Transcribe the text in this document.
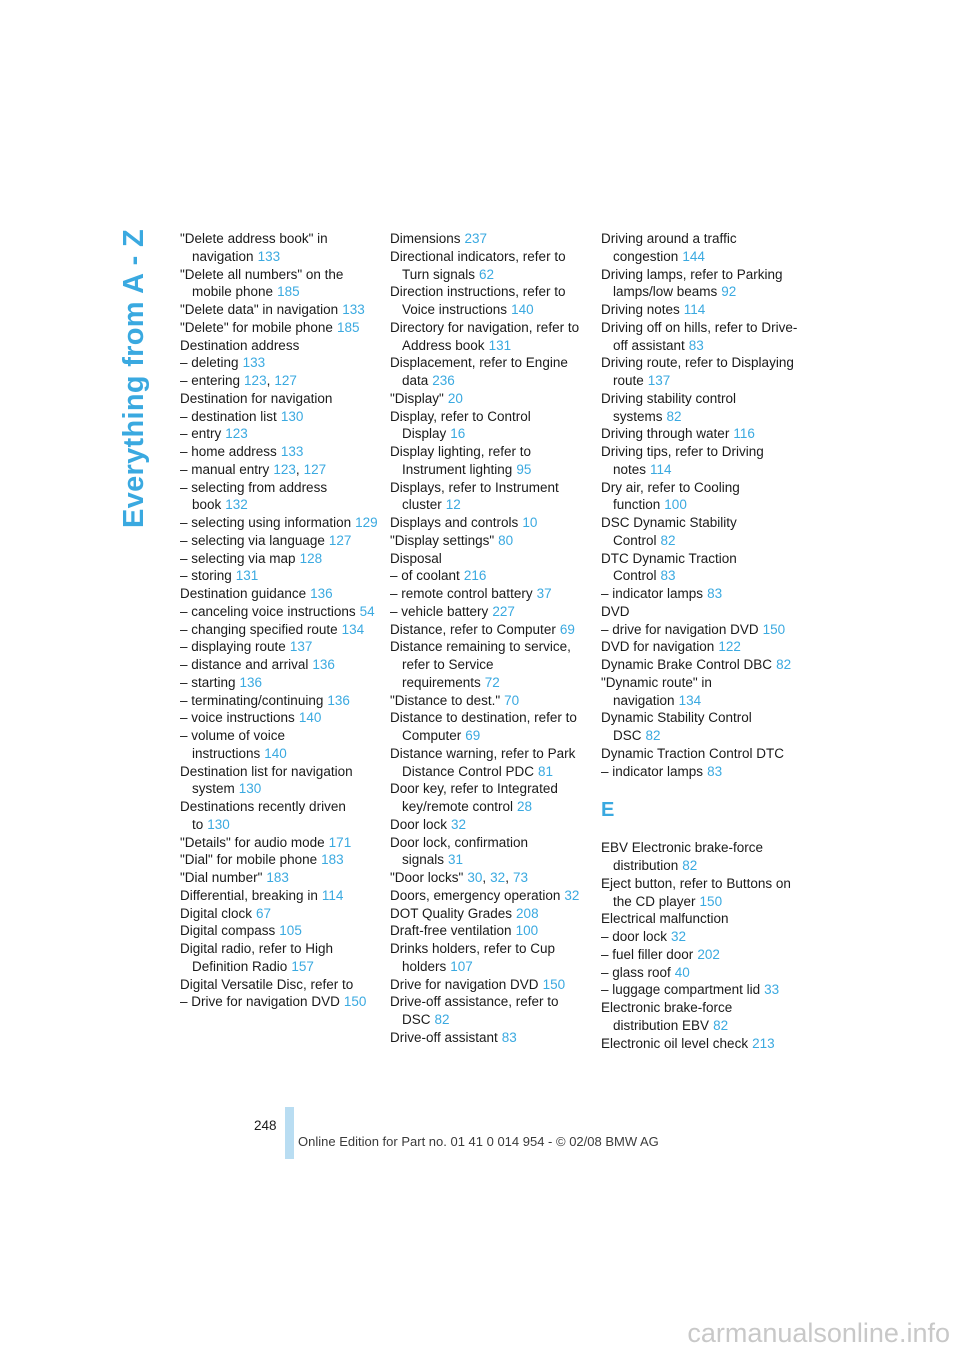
Everything from A - Z "Delete address book" in navigation 133
"Delete all numbers" on the mobile phone 185
"Delete data" in navigation 133
"Delete" for mobile phone 185
Destination address
– deleting 133
– entering 123, 127
Destination for navigation
– destination list 130
– entry 123
– home address 133
– manual entry 123, 127
– selecting from address book 132
– selecting using information 129
– selecting via language 127
– selecting via map 128
– storing 131
Destination guidance 136
– canceling voice instructions 54
– changing specified route 134
– displaying route 137
– distance and arrival 136
– starting 136
– terminating/continuing 136
– voice instructions 140
– volume of voice instructions 140
Destination list for navigation system 130
Destinations recently driven to 130
"Details" for audio mode 171
"Dial" for mobile phone 183
"Dial number" 183
Differential, breaking in 114
Digital clock 67
Digital compass 105
Digital radio, refer to High Definition Radio 157
Digital Versatile Disc, refer to
– Drive for navigation DVD 150
Dimensions 237
Directional indicators, refer to Turn signals 62
Direction instructions, refer to Voice instructions 140
Directory for navigation, refer to Address book 131
Displacement, refer to Engine data 236
"Display" 20
Display, refer to Control Display 16
Display lighting, refer to Instrument lighting 95
Displays, refer to Instrument cluster 12
Displays and controls 10
"Display settings" 80
Disposal
– of coolant 216
– remote control battery 37
– vehicle battery 227
Distance, refer to Computer 69
Distance remaining to service, refer to Service requirements 72
"Distance to dest." 70
Distance to destination, refer to Computer 69
Distance warning, refer to Park Distance Control PDC 81
Door key, refer to Integrated key/remote control 28
Door lock 32
Door lock, confirmation signals 31
"Door locks" 30, 32, 73
Doors, emergency operation 32
DOT Quality Grades 208
Draft-free ventilation 100
Drinks holders, refer to Cup holders 107
Drive for navigation DVD 150
Drive-off assistance, refer to DSC 82
Drive-off assistant 83
Driving around a traffic congestion 144
Driving lamps, refer to Parking lamps/low beams 92
Driving notes 114
Driving off on hills, refer to Drive-off assistant 83
Driving route, refer to Displaying route 137
Driving stability control systems 82
Driving through water 116
Driving tips, refer to Driving notes 114
Dry air, refer to Cooling function 100
DSC Dynamic Stability Control 82
DTC Dynamic Traction Control 83
– indicator lamps 83
DVD
– drive for navigation DVD 150
DVD for navigation 122
Dynamic Brake Control DBC 82
"Dynamic route" in navigation 134
Dynamic Stability Control DSC 82
Dynamic Traction Control DTC
– indicator lamps 83
E
EBV Electronic brake-force distribution 82
Eject button, refer to Buttons on the CD player 150
Electrical malfunction
– door lock 32
– fuel filler door 202
– glass roof 40
– luggage compartment lid 33
Electronic brake-force distribution EBV 82
Electronic oil level check 213
248
Online Edition for Part no. 01 41 0 014 954 - © 02/08 BMW AG
carmanualsonline.info
